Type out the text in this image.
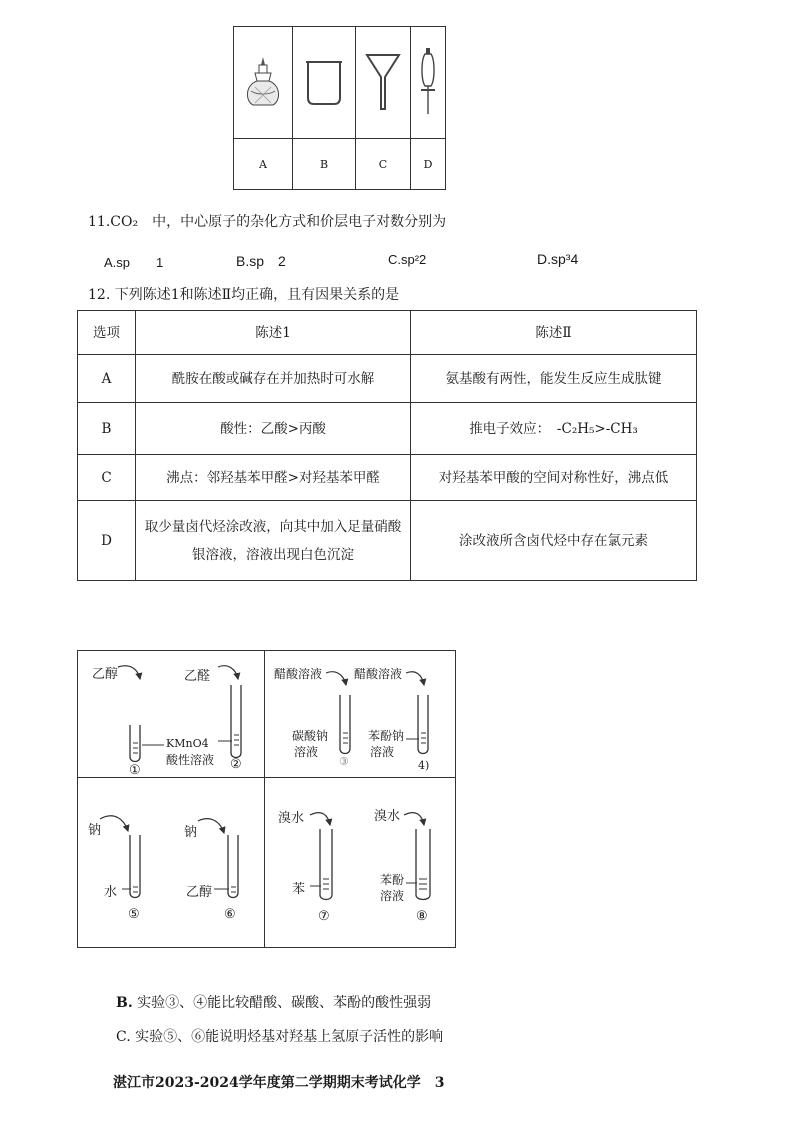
A	B	C	D
11.CO₂　中，中心原子的杂化方式和价层电子对数分别为
A.sp　　1	B.sp　2	C.sp²2	D.sp³4
12. 下列陈述1和陈述Ⅱ均正确，且有因果关系的是
选项	陈述1	陈述Ⅱ
A	酰胺在酸或碱存在并加热时可水解	氨基酸有两性，能发生反应生成肽键
B	酸性：乙酸>丙酸	推电子效应：　-C₂H₅>-CH₃
C	沸点：邻羟基苯甲醛>对羟基苯甲醛	对羟基苯甲酸的空间对称性好，沸点低
D	取少量卤代烃涂改液，向其中加入足量硝酸银溶液，溶液出现白色沉淀	涂改液所含卤代烃中存在氯元素
乙醇	乙醛
KMnO4
酸性溶液
①	②
醋酸溶液	醋酸溶液
碳酸钠
溶液
苯酚钠
溶液
③	4)
钠	钠
水	乙醇
⑤	⑥
溴水	溴水
苯
苯酚
溶液
⑦	⑧
B. 实验③、④能比较醋酸、碳酸、苯酚的酸性强弱
C. 实验⑤、⑥能说明烃基对羟基上氢原子活性的影响
湛江市2023-2024学年度第二学期期末考试化学　3
